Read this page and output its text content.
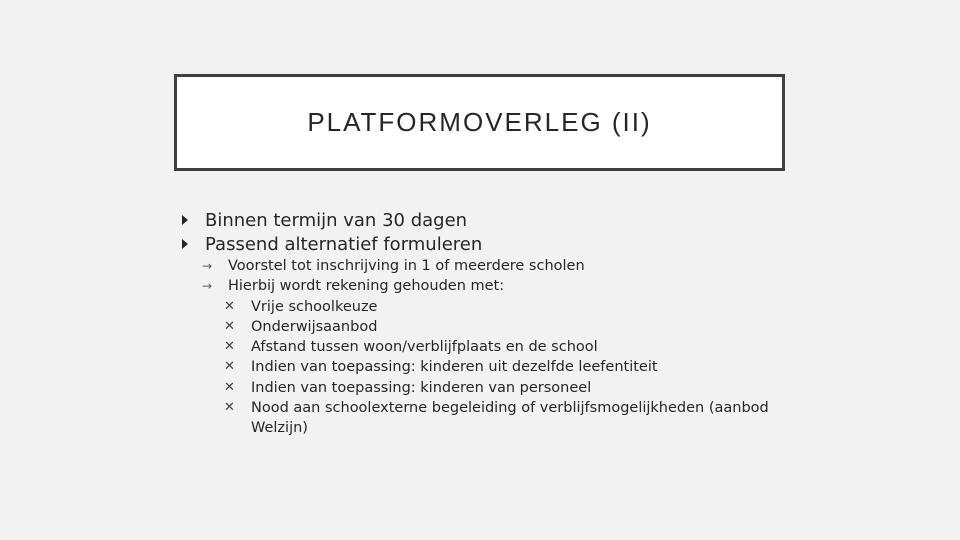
PLATFORMOVERLEG (II)
Binnen termijn van 30 dagen
Passend alternatief formuleren
→	Voorstel tot inschrijving in 1 of meerdere scholen
→	Hierbij wordt rekening gehouden met:
✕	Vrije schoolkeuze
✕	Onderwijsaanbod
✕	Afstand tussen woon/verblijfplaats en de school
✕	Indien van toepassing: kinderen uit dezelfde leefentiteit
✕	Indien van toepassing: kinderen van personeel
✕	Nood aan schoolexterne begeleiding of verblijfsmogelijkheden (aanbod Welzijn)
